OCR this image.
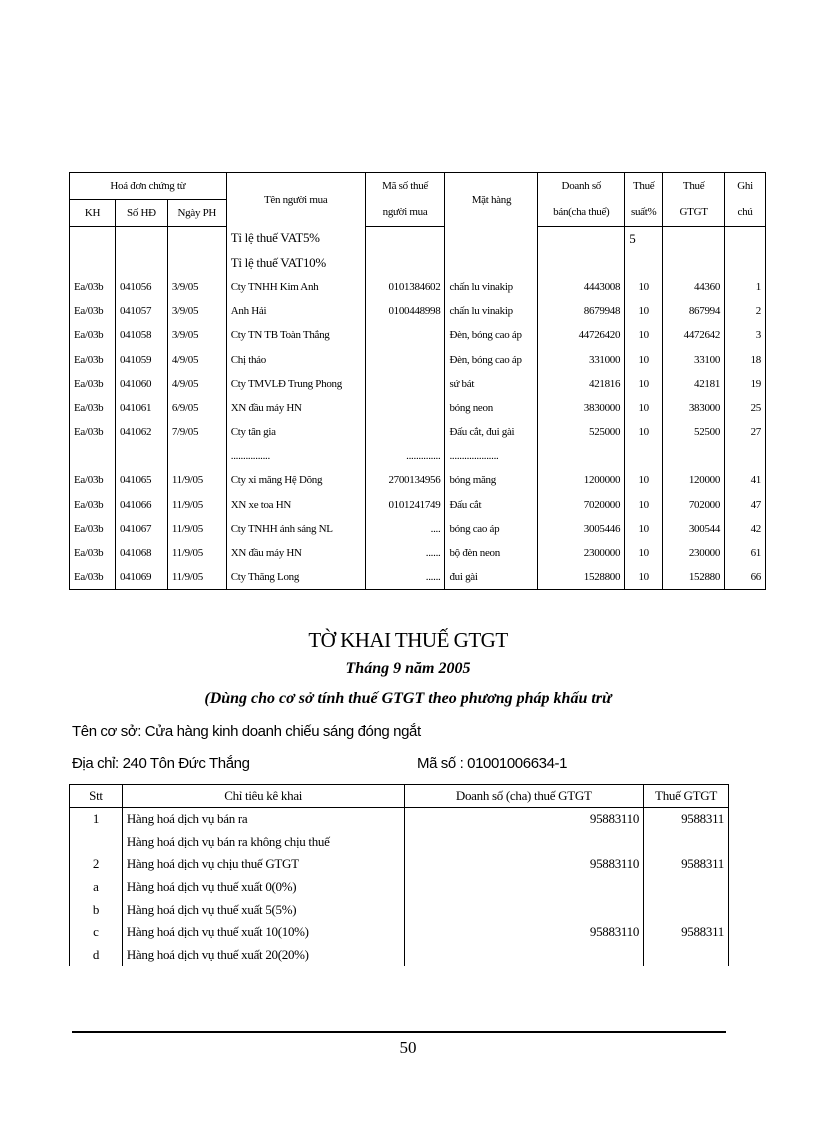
Hoá đơn chứng từ			Tên người mua	Mã số thuế	Mặt hàng	Doanh số	Thuế	Thuế	Ghi
KH	Số HĐ	Ngày PH		người mua		bán(cha thuế)	suất%	GTGT	chú
			Tỉ lệ thuế VAT5%				5		
			Tỉ lệ thuế VAT10%						
Ea/03b	041056	3/9/05	Cty TNHH Kim Anh	0101384602	chấn lu vinakip	4443008	10	44360	1
Ea/03b	041057	3/9/05	Anh Hải	0100448998	chấn lu vinakip	8679948	10	867994	2
Ea/03b	041058	3/9/05	Cty TN TB Toàn Thắng		Đèn, bóng cao áp	44726420	10	4472642	3
Ea/03b	041059	4/9/05	Chị thảo		Đèn, bóng cao áp	331000	10	33100	18
Ea/03b	041060	4/9/05	Cty TMVLĐ Trung Phong		sứ bát	421816	10	42181	19
Ea/03b	041061	6/9/05	XN đầu máy HN		bóng neon	3830000	10	383000	25
Ea/03b	041062	7/9/05	Cty tân gia		Đấu cắt, đui gài	525000	10	52500	27
			................	..............	....................				
Ea/03b	041065	11/9/05	Cty xi măng Hệ Dõng	2700134956	bóng măng	1200000	10	120000	41
Ea/03b	041066	11/9/05	XN xe toa HN	0101241749	Đấu cắt	7020000	10	702000	47
Ea/03b	041067	11/9/05	Cty TNHH ánh sáng NL	....	bóng cao áp	3005446	10	300544	42
Ea/03b	041068	11/9/05	XN đầu máy HN	......	bộ đèn neon	2300000	10	230000	61
Ea/03b	041069	11/9/05	Cty Thăng Long	......	đui gài	1528800	10	152880	66
TỜ KHAI THUẾ GTGT
Tháng 9 năm 2005
(Dùng cho cơ sở tính thuế GTGT theo phương pháp khấu trừ
Tên cơ sở: Cửa hàng kinh doanh chiếu sáng đóng ngắt
Địa chỉ: 240 Tôn Đức Thắng	Mã số : 01001006634-1
Stt	Chỉ tiêu kê khai	Doanh số (cha) thuế GTGT	Thuế GTGT
1	Hàng hoá dịch vụ bán ra	95883110	9588311
	Hàng hoá dịch vụ bán ra không chịu thuế		
2	Hàng hoá dịch vụ chịu thuế GTGT	95883110	9588311
a	Hàng hoá dịch vụ thuế xuất 0(0%)		
b	Hàng hoá dịch vụ thuế xuất 5(5%)		
c	Hàng hoá dịch vụ thuế xuất 10(10%)	95883110	9588311
d	Hàng hoá dịch vụ thuế xuất 20(20%)		
50
